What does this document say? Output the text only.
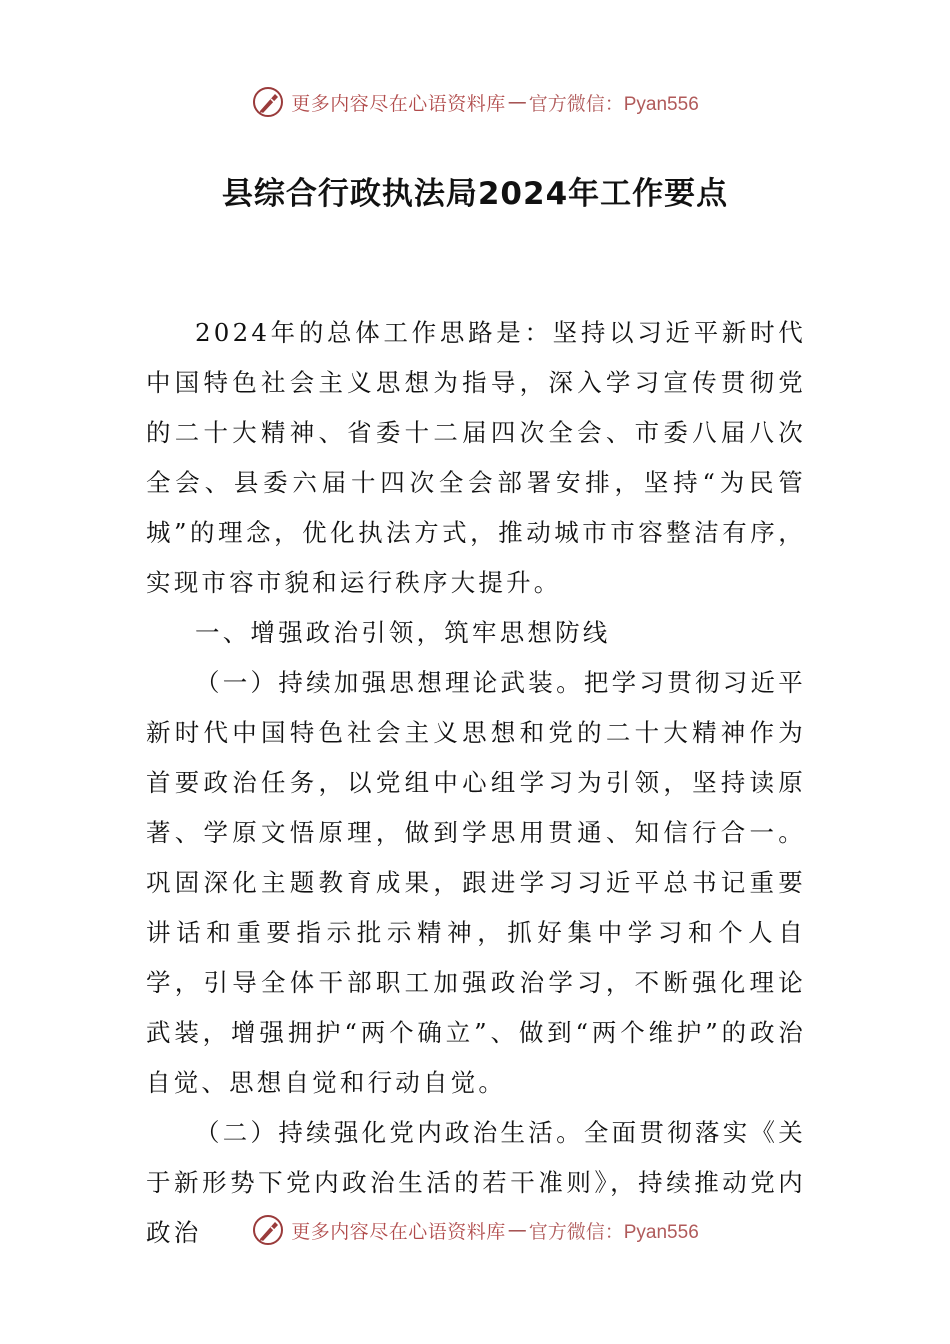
更多内容尽在心语资料库 — 官方微信：Pyan556
县综合行政执法局2024年工作要点

2024年的总体工作思路是：坚持以习近平新时代中国特色社会主义思想为指导，深入学习宣传贯彻党的二十大精神、省委十二届四次全会、市委八届八次全会、县委六届十四次全会部署安排，坚持“为民管城”的理念，优化执法方式，推动城市市容整洁有序，实现市容市貌和运行秩序大提升。

一、增强政治引领，筑牢思想防线

（一）持续加强思想理论武装。把学习贯彻习近平新时代中国特色社会主义思想和党的二十大精神作为首要政治任务，以党组中心组学习为引领，坚持读原著、学原文悟原理，做到学思用贯通、知信行合一。巩固深化主题教育成果，跟进学习习近平总书记重要讲话和重要指示批示精神，抓好集中学习和个人自学，引导全体干部职工加强政治学习，不断强化理论武装，增强拥护“两个确立”、做到“两个维护”的政治自觉、思想自觉和行动自觉。

（二）持续强化党内政治生活。全面贯彻落实《关于新形势下党内政治生活的若干准则》，持续推动党内政治	更多内容尽在心语资料库 — 官方微信：Pyan556
